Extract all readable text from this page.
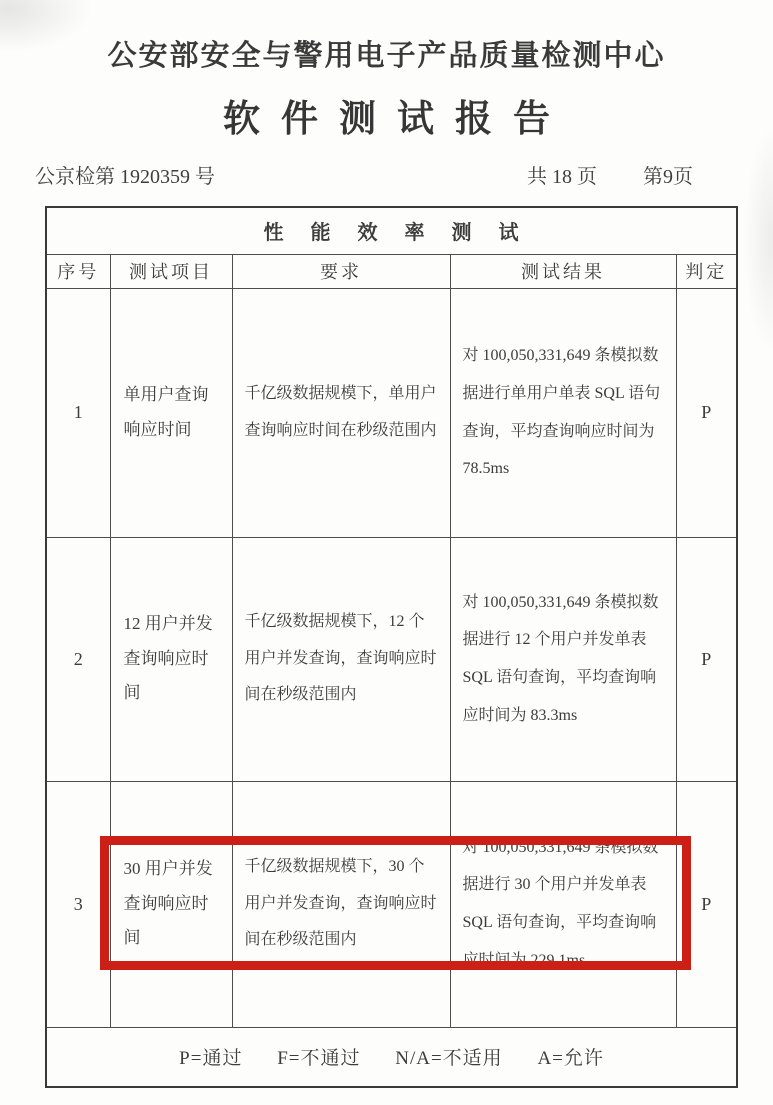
公安部安全与警用电子产品质量检测中心
软件测试报告
公京检第 1920359 号	共 18 页 第9页
性能效率测试				
序号	测试项目	要求	测试结果	判定
1	单用户查询响应时间	千亿级数据规模下，单用户查询响应时间在秒级范围内	对 100,050,331,649 条模拟数据进行单用户单表 SQL 语句查询，平均查询响应时间为 78.5ms	P
2	12 用户并发查询响应时间	千亿级数据规模下，12 个用户并发查询，查询响应时间在秒级范围内	对 100,050,331,649 条模拟数据进行 12 个用户并发单表 SQL 语句查询，平均查询响应时间为 83.3ms	P
3	30 用户并发查询响应时间	千亿级数据规模下，30 个用户并发查询，查询响应时间在秒级范围内	对 100,050,331,649 条模拟数据进行 30 个用户并发单表 SQL 语句查询，平均查询响应时间为 229.1ms	P
P=通过 F=不通过 N/A=不适用 A=允许				
